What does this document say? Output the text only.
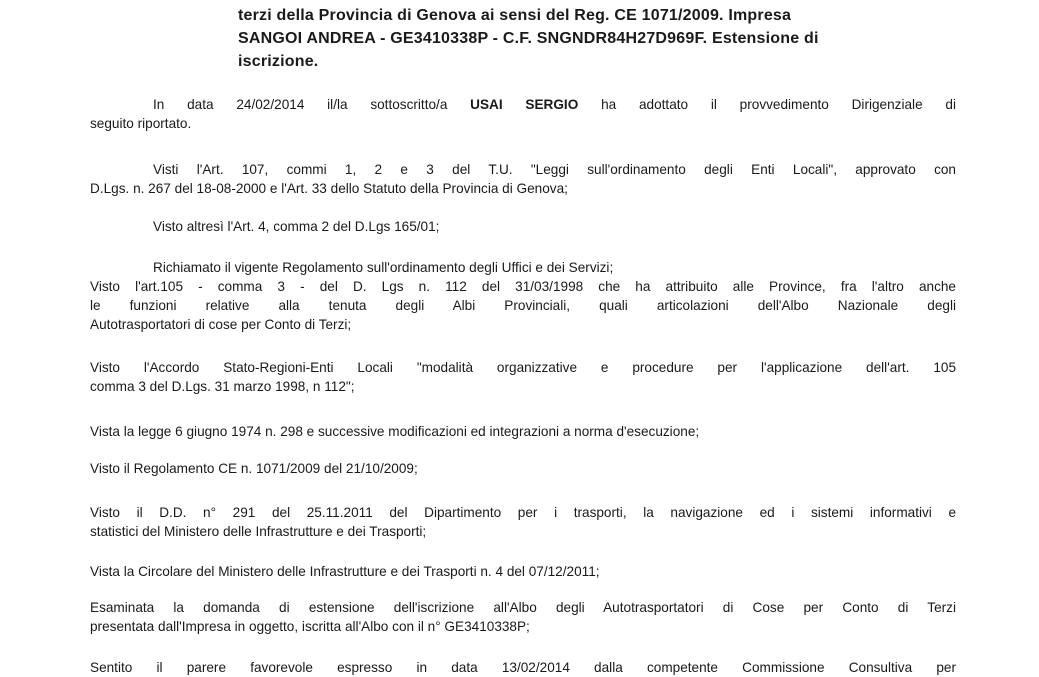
terzi della Provincia di Genova ai sensi del Reg. CE 1071/2009. Impresa
SANGOI ANDREA - GE3410338P - C.F. SNGNDR84H27D969F. Estensione di
iscrizione.
In data 24/02/2014 il/la sottoscritto/a USAI SERGIO ha adottato il provvedimento Dirigenziale di
seguito riportato.
Visti l'Art. 107, commi 1, 2 e 3 del T.U. "Leggi sull'ordinamento degli Enti Locali", approvato con
D.Lgs. n. 267 del 18-08-2000 e l'Art. 33 dello Statuto della Provincia di Genova;
Visto altresì l'Art. 4, comma 2 del D.Lgs 165/01;
Richiamato il vigente Regolamento sull'ordinamento degli Uffici e dei Servizi;
Visto l'art.105 - comma 3 - del D. Lgs n. 112 del 31/03/1998 che ha attribuito alle Province, fra l'altro anche
le funzioni relative alla tenuta degli Albi Provinciali, quali articolazioni dell'Albo Nazionale degli
Autotrasportatori di cose per Conto di Terzi;
Visto l'Accordo Stato-Regioni-Enti Locali "modalità organizzative e procedure per l'applicazione dell'art. 105
comma 3 del D.Lgs. 31 marzo 1998, n 112";
Vista la legge 6 giugno 1974 n. 298 e successive modificazioni ed integrazioni a norma d'esecuzione;
Visto il Regolamento CE n. 1071/2009 del 21/10/2009;
Visto il D.D. n° 291 del 25.11.2011 del Dipartimento per i trasporti, la navigazione ed i sistemi informativi e
statistici del Ministero delle Infrastrutture e dei Trasporti;
Vista la Circolare del Ministero delle Infrastrutture e dei Trasporti n. 4 del 07/12/2011;
Esaminata la domanda di estensione dell'iscrizione all'Albo degli Autotrasportatori di Cose per Conto di Terzi
presentata dall'Impresa in oggetto, iscritta all'Albo con il n° GE3410338P;
Sentito il parere favorevole espresso in data 13/02/2014 dalla competente Commissione Consultiva per
